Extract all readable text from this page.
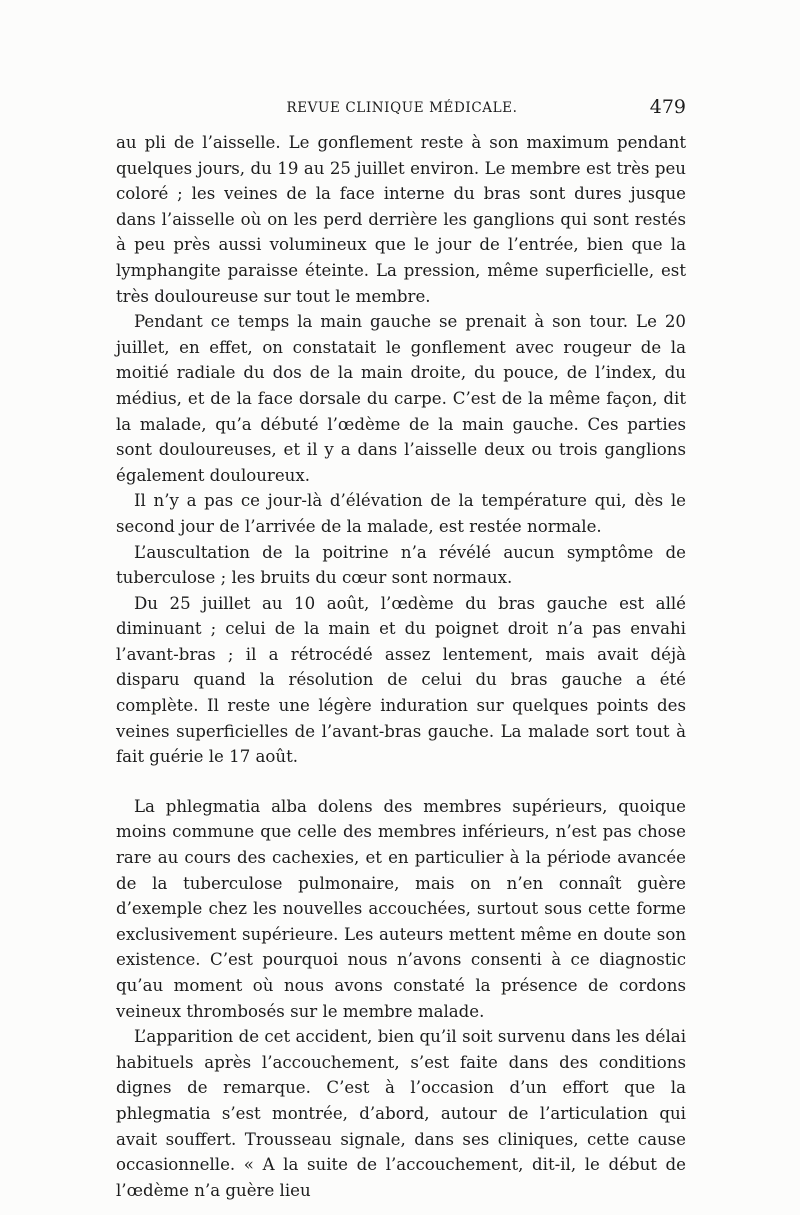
REVUE CLINIQUE MÉDICALE.	479

au pli de l’aisselle. Le gonflement reste à son maximum pendant quelques jours, du 19 au 25 juillet environ. Le membre est très peu coloré ; les veines de la face interne du bras sont dures jusque dans l’aisselle où on les perd derrière les ganglions qui sont restés à peu près aussi volumineux que le jour de l’entrée, bien que la lymphangite paraisse éteinte. La pression, même superficielle, est très douloureuse sur tout le membre.

Pendant ce temps la main gauche se prenait à son tour. Le 20 juillet, en effet, on constatait le gonflement avec rougeur de la moitié radiale du dos de la main droite, du pouce, de l’index, du médius, et de la face dorsale du carpe. C’est de la même façon, dit la malade, qu’a débuté l’œdème de la main gauche. Ces parties sont douloureuses, et il y a dans l’aisselle deux ou trois ganglions également douloureux.

Il n’y a pas ce jour-là d’élévation de la température qui, dès le second jour de l’arrivée de la malade, est restée normale.

L’auscultation de la poitrine n’a révélé aucun symptôme de tuberculose ; les bruits du cœur sont normaux.

Du 25 juillet au 10 août, l’œdème du bras gauche est allé diminuant ; celui de la main et du poignet droit n’a pas envahi l’avant-bras ; il a rétrocédé assez lentement, mais avait déjà disparu quand la résolution de celui du bras gauche a été complète. Il reste une légère induration sur quelques points des veines superficielles de l’avant-bras gauche. La malade sort tout à fait guérie le 17 août.

La phlegmatia alba dolens des membres supérieurs, quoique moins commune que celle des membres inférieurs, n’est pas chose rare au cours des cachexies, et en particulier à la période avancée de la tuberculose pulmonaire, mais on n’en connaît guère d’exemple chez les nouvelles accouchées, surtout sous cette forme exclusivement supérieure. Les auteurs mettent même en doute son existence. C’est pourquoi nous n’avons consenti à ce diagnostic qu’au moment où nous avons constaté la présence de cordons veineux thrombosés sur le membre malade.

L’apparition de cet accident, bien qu’il soit survenu dans les délai habituels après l’accouchement, s’est faite dans des conditions dignes de remarque. C’est à l’occasion d’un effort que la phlegmatia s’est montrée, d’abord, autour de l’articulation qui avait souffert. Trousseau signale, dans ses cliniques, cette cause occasionnelle. « A la suite de l’accouchement, dit-il, le début de l’œdème n’a guère lieu
